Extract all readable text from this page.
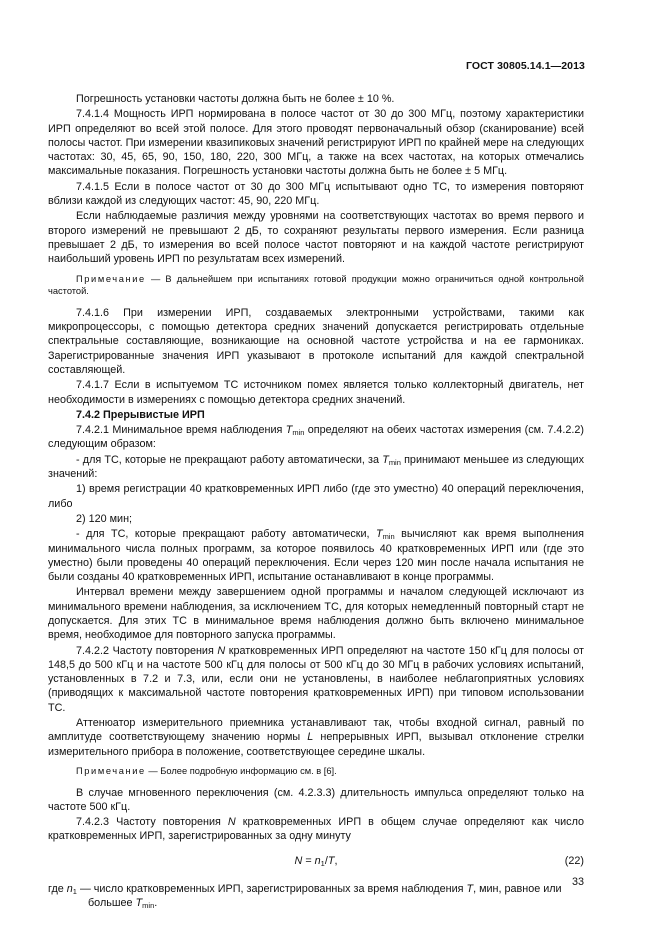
ГОСТ 30805.14.1—2013

Погрешность установки частоты должна быть не более ± 10 %.

7.4.1.4 Мощность ИРП нормирована в полосе частот от 30 до 300 МГц, поэтому характеристики ИРП определяют во всей этой полосе. Для этого проводят первоначальный обзор (сканирование) всей полосы частот. При измерении квазипиковых значений регистрируют ИРП по крайней мере на следующих частотах: 30, 45, 65, 90, 150, 180, 220, 300 МГц, а также на всех частотах, на которых отмечались максимальные показания. Погрешность установки частоты должна быть не более ± 5 МГц.

7.4.1.5 Если в полосе частот от 30 до 300 МГц испытывают одно ТС, то измерения повторяют вблизи каждой из следующих частот: 45, 90, 220 МГц.

Если наблюдаемые различия между уровнями на соответствующих частотах во время первого и второго измерений не превышают 2 дБ, то сохраняют результаты первого измерения. Если разница превышает 2 дБ, то измерения во всей полосе частот повторяют и на каждой частоте регистрируют наибольший уровень ИРП по результатам всех измерений.

Примечание — В дальнейшем при испытаниях готовой продукции можно ограничиться одной контрольной частотой.

7.4.1.6 При измерении ИРП, создаваемых электронными устройствами, такими как микропроцессоры, с помощью детектора средних значений допускается регистрировать отдельные спектральные составляющие, возникающие на основной частоте устройства и на ее гармониках. Зарегистрированные значения ИРП указывают в протоколе испытаний для каждой спектральной составляющей.

7.4.1.7 Если в испытуемом ТС источником помех является только коллекторный двигатель, нет необходимости в измерениях с помощью детектора средних значений.

7.4.2 Прерывистые ИРП

7.4.2.1 Минимальное время наблюдения $T_{min}$ определяют на обеих частотах измерения (см. 7.4.2.2) следующим образом:

- для ТС, которые не прекращают работу автоматически, за $T_{min}$ принимают меньшее из следующих значений:

1) время регистрации 40 кратковременных ИРП либо (где это уместно) 40 операций переключения, либо

2) 120 мин;

- для ТС, которые прекращают работу автоматически, $T_{min}$ вычисляют как время выполнения минимального числа полных программ, за которое появилось 40 кратковременных ИРП или (где это уместно) были проведены 40 операций переключения. Если через 120 мин после начала испытания не были созданы 40 кратковременных ИРП, испытание останавливают в конце программы.

Интервал времени между завершением одной программы и началом следующей исключают из минимального времени наблюдения, за исключением ТС, для которых немедленный повторный старт не допускается. Для этих ТС в минимальное время наблюдения должно быть включено минимальное время, необходимое для повторного запуска программы.

7.4.2.2 Частоту повторения N кратковременных ИРП определяют на частоте 150 кГц для полосы от 148,5 до 500 кГц и на частоте 500 кГц для полосы от 500 кГц до 30 МГц в рабочих условиях испытаний, установленных в 7.2 и 7.3, или, если они не установлены, в наиболее неблагоприятных условиях (приводящих к максимальной частоте повторения кратковременных ИРП) при типовом использовании ТС.

Аттенюатор измерительного приемника устанавливают так, чтобы входной сигнал, равный по амплитуде соответствующему значению нормы L непрерывных ИРП, вызывал отклонение стрелки измерительного прибора в положение, соответствующее середине шкалы.

Примечание — Более подробную информацию см. в [6].

В случае мгновенного переключения (см. 4.2.3.3) длительность импульса определяют только на частоте 500 кГц.

7.4.2.3 Частоту повторения N кратковременных ИРП в общем случае определяют как число кратковременных ИРП, зарегистрированных за одну минуту

$N = n_1/T$,	(22)

где $n_1$ — число кратковременных ИРП, зарегистрированных за время наблюдения T, мин, равное или
большее $T_{min}$.

33
